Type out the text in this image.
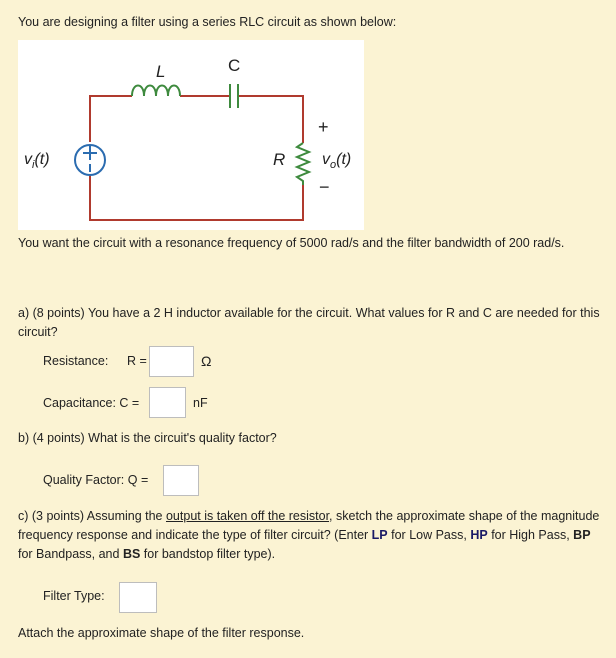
You are designing a filter using a series RLC circuit as shown below:
L	C
R
+
−
$v_o(t)$
$v_i(t)$
You want the circuit with a resonance frequency of 5000 rad/s and the filter bandwidth of 200 rad/s.
a) (8 points) You have a 2 H inductor available for the circuit. What values for R and C are needed for this circuit?
Resistance: R =	Ω
Capacitance: C =	nF
b) (4 points) What is the circuit's quality factor?
Quality Factor: Q =
c) (3 points) Assuming the output is taken off the resistor, sketch the approximate shape of the magnitude frequency response and indicate the type of filter circuit? (Enter LP for Low Pass, HP for High Pass, BP for Bandpass, and BS for bandstop filter type).
Filter Type:
Attach the approximate shape of the filter response.
